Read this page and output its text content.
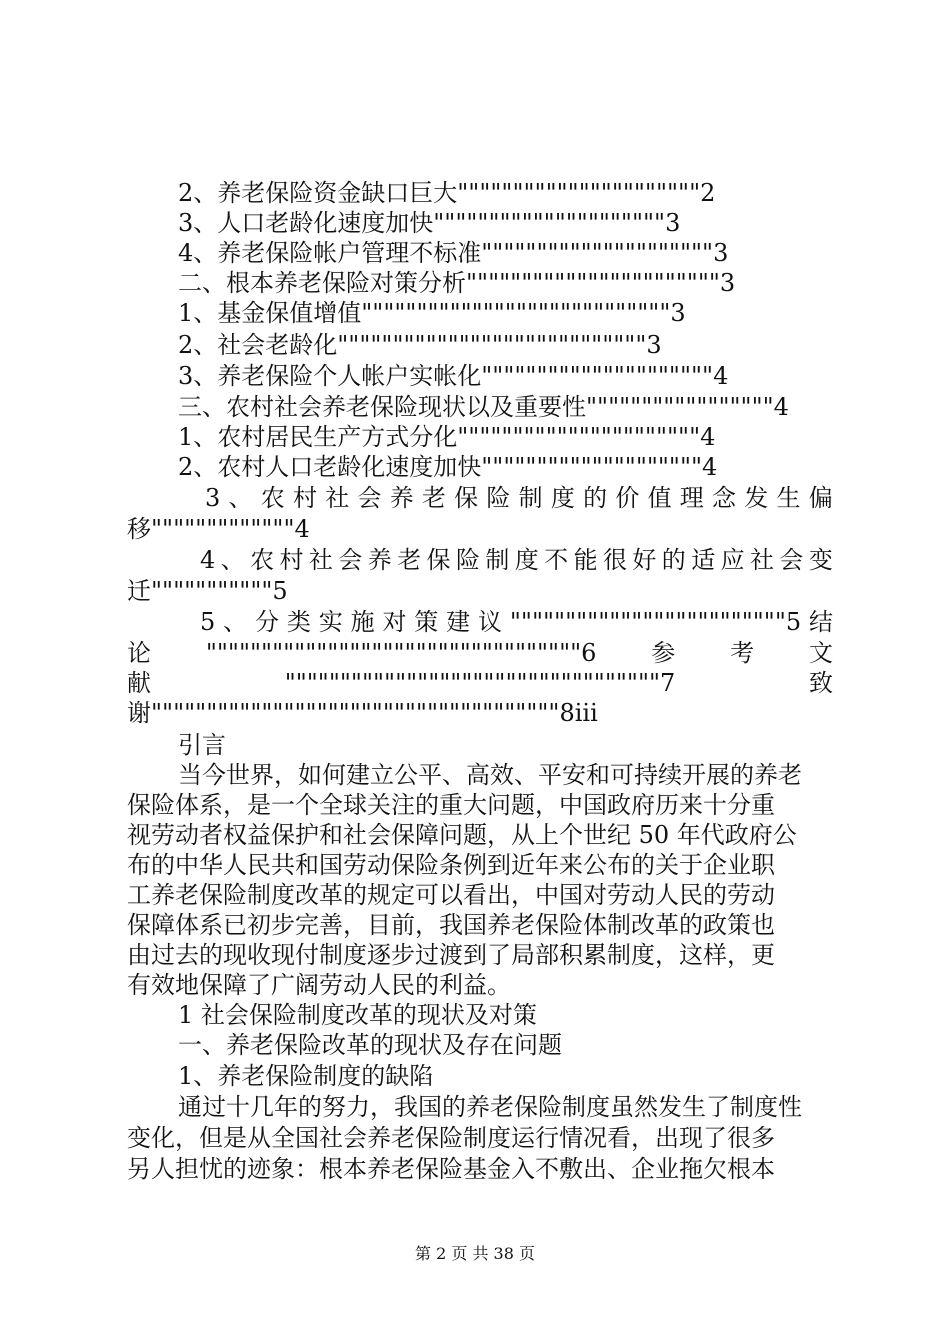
2、养老保险资金缺口巨大""""""""""""""""""""""2
3、人口老龄化速度加快"""""""""""""""""""""3
4、养老保险帐户管理不标准"""""""""""""""""""""3
二、根本养老保险对策分析"""""""""""""""""""""""3
1、基金保值增值""""""""""""""""""""""""""""3
2、社会老龄化""""""""""""""""""""""""""""3
3、养老保险个人帐户实帐化"""""""""""""""""""""4
三、农村社会养老保险现状以及重要性"""""""""""""""""4
1、农村居民生产方式分化""""""""""""""""""""""4
2、农村人口老龄化速度加快""""""""""""""""""""4
3 、 农 村 社 会 养 老 保 险 制 度 的 价 值 理 念 发 生 偏
移"""""""""""""4
4 、 农 村 社 会 养 老 保 险 制 度 不 能 很 好 的 适 应 社 会 变
迁"""""""""""5
5 、 分 类 实 施 对 策 建 议 """""""""""""""""""""""""5 结
论 """"""""""""""""""""""""""""""""""6 参 考 文
献	""""""""""""""""""""""""""""""""""7	致
谢"""""""""""""""""""""""""""""""""""""8iii
引言
当今世界，如何建立公平、高效、平安和可持续开展的养老
保险体系，是一个全球关注的重大问题，中国政府历来十分重
视劳动者权益保护和社会保障问题，从上个世纪 50 年代政府公
布的中华人民共和国劳动保险条例到近年来公布的关于企业职
工养老保险制度改革的规定可以看出，中国对劳动人民的劳动
保障体系已初步完善，目前，我国养老保险体制改革的政策也
由过去的现收现付制度逐步过渡到了局部积累制度，这样，更
有效地保障了广阔劳动人民的利益。
1 社会保险制度改革的现状及对策
一、养老保险改革的现状及存在问题
1、养老保险制度的缺陷
通过十几年的努力，我国的养老保险制度虽然发生了制度性
变化，但是从全国社会养老保险制度运行情况看，出现了很多
另人担忧的迹象：根本养老保险基金入不敷出、企业拖欠根本
第 2 页 共 38 页
